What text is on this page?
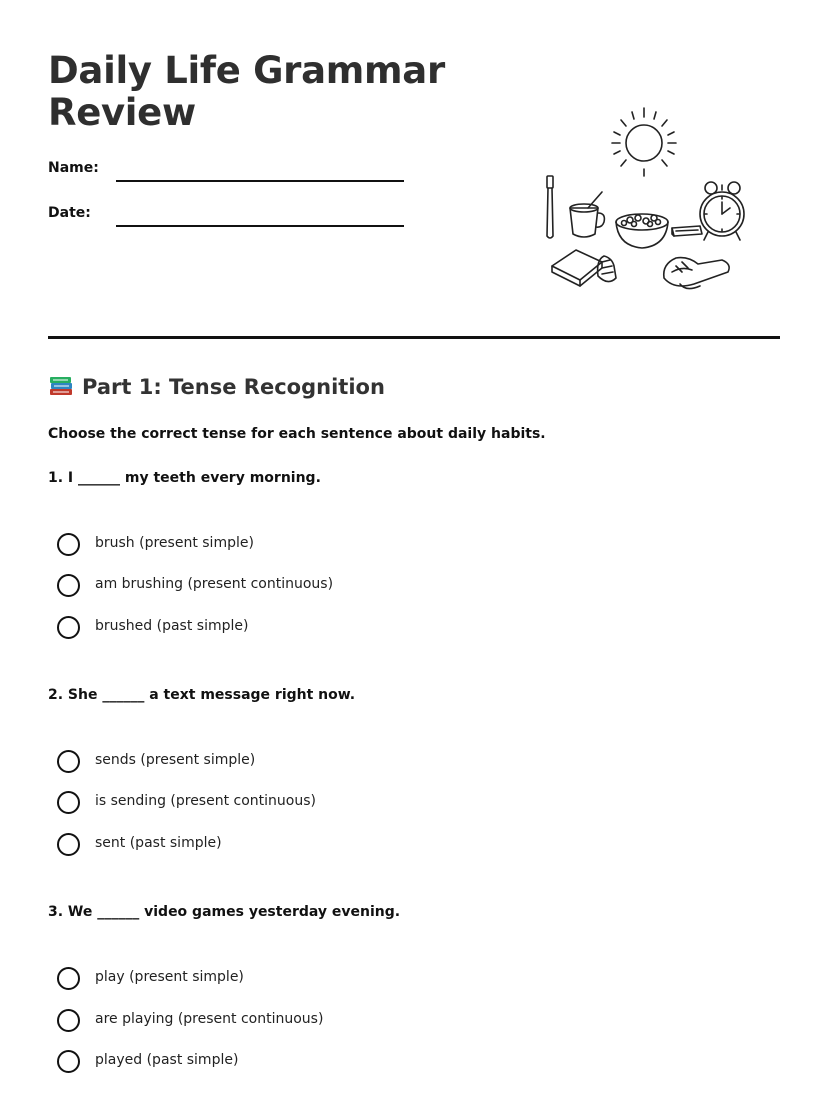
Daily Life Grammar Review
Name:
Date:
Part 1: Tense Recognition
Choose the correct tense for each sentence about daily habits.
1. I ______ my teeth every morning.
brush (present simple)
am brushing (present continuous)
brushed (past simple)
2. She ______ a text message right now.
sends (present simple)
is sending (present continuous)
sent (past simple)
3. We ______ video games yesterday evening.
play (present simple)
are playing (present continuous)
played (past simple)
